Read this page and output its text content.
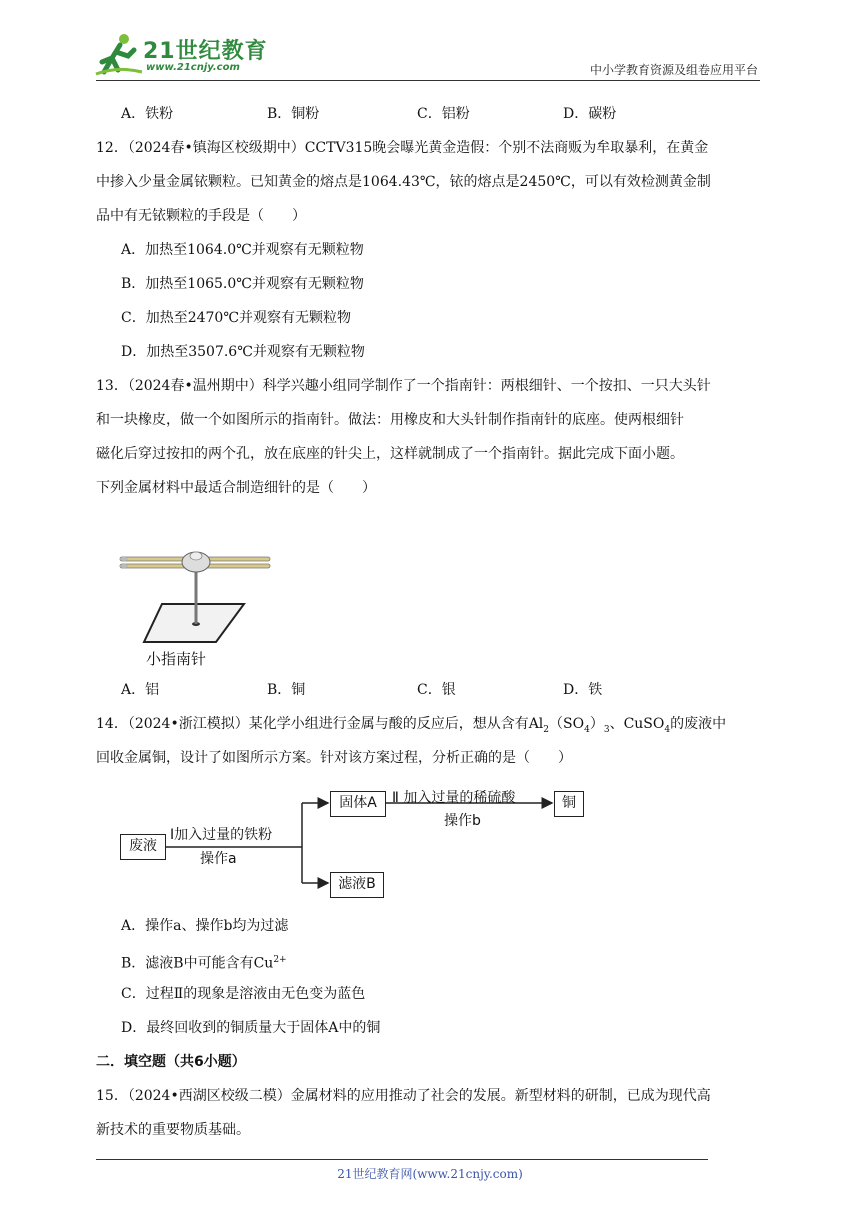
21世纪教育
www.21cnjy.com	中小学教育资源及组卷应用平台
A．铁粉	B．铜粉	C．铝粉	D．碳粉
12．（2024春•镇海区校级期中）CCTV315晚会曝光黄金造假：个别不法商贩为牟取暴利，在黄金
中掺入少量金属铱颗粒。已知黄金的熔点是1064.43℃，铱的熔点是2450℃，可以有效检测黄金制
品中有无铱颗粒的手段是（　　）
A．加热至1064.0℃并观察有无颗粒物
B．加热至1065.0℃并观察有无颗粒物
C．加热至2470℃并观察有无颗粒物
D．加热至3507.6℃并观察有无颗粒物
13．（2024春•温州期中）科学兴趣小组同学制作了一个指南针：两根细针、一个按扣、一只大头针
和一块橡皮，做一个如图所示的指南针。做法：用橡皮和大头针制作指南针的底座。使两根细针
磁化后穿过按扣的两个孔，放在底座的针尖上，这样就制成了一个指南针。据此完成下面小题。
下列金属材料中最适合制造细针的是（　　）
小指南针
A．铝	B．铜	C．银	D．铁
14．（2024•浙江模拟）某化学小组进行金属与酸的反应后，想从含有$Al_2(SO_4)_3$、CuSO$_4$的废液中
回收金属铜，设计了如图所示方案。针对该方案过程，分析正确的是（　　）
废液
Ⅰ加入过量的铁粉
操作a
固体A	Ⅱ 加入过量的稀硫酸
操作b
铜
滤液B
A．操作a、操作b均为过滤
B．滤液B中可能含有$Cu^{2+}$
C．过程Ⅱ的现象是溶液由无色变为蓝色
D．最终回收到的铜质量大于固体A中的铜
二．填空题（共6小题）
15．（2024•西湖区校级二模）金属材料的应用推动了社会的发展。新型材料的研制，已成为现代高
新技术的重要物质基础。
21世纪教育网(www.21cnjy.com)
